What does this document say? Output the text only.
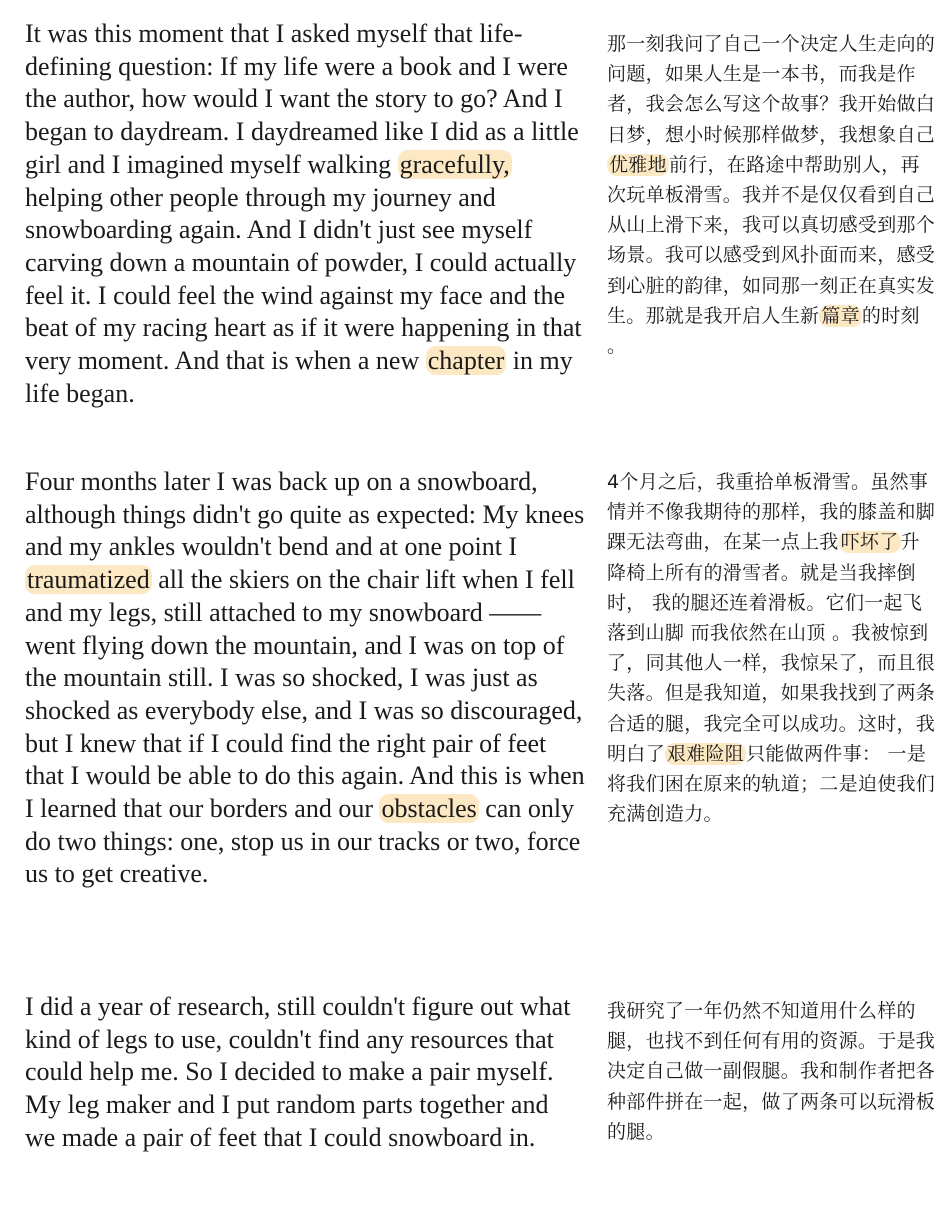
It was this moment that I asked myself that life-defining question: If my life were a book and I were the author, how would I want the story to go? And I began to daydream. I daydreamed like I did as a little girl and I imagined myself walking gracefully, helping other people through my journey and snowboarding again. And I didn't just see myself carving down a mountain of powder, I could actually feel it. I could feel the wind against my face and the beat of my racing heart as if it were happening in that very moment. And that is when a new chapter in my life began.

那一刻我问了自己一个决定人生走向的问题，如果人生是一本书，而我是作者，我会怎么写这个故事？我开始做白日梦，想小时候那样做梦，我想象自己优雅地 前行，在路途中帮助别人，再次玩单板滑雪。我并不是仅仅看到自己从山上滑下来，我可以真切感受到那个场景。我可以感受到风扑面而来，感受到心脏的韵律，如同那一刻正在真实发生。那就是我开启人生新 篇章 的时刻 。

Four months later I was back up on a snowboard, although things didn't go quite as expected: My knees and my ankles wouldn't bend and at one point I traumatized all the skiers on the chair lift when I fell and my legs, still attached to my snowboard —— went flying down the mountain, and I was on top of the mountain still. I was so shocked, I was just as shocked as everybody else, and I was so discouraged, but I knew that if I could find the right pair of feet that I would be able to do this again. And this is when I learned that our borders and our obstacles can only do two things: one, stop us in our tracks or two, force us to get creative.

4个月之后，我重拾单板滑雪。虽然事情并不像我期待的那样，我的膝盖和脚踝无法弯曲，在某一点上我 吓坏了 升降椅上所有的滑雪者。就是当我摔倒时， 我的腿还连着滑板。它们一起飞落到山脚 而我依然在山顶 。我被惊到了，同其他人一样，我惊呆了，而且很失落。但是我知道，如果我找到了两条合适的腿，我完全可以成功。这时，我明白了 艰难险阻 只能做两件事： 一是将我们困在原来的轨道；二是迫使我们充满创造力。

I did a year of research, still couldn't figure out what kind of legs to use, couldn't find any resources that could help me. So I decided to make a pair myself. My leg maker and I put random parts together and we made a pair of feet that I could snowboard in.

我研究了一年仍然不知道用什么样的腿，也找不到任何有用的资源。于是我决定自己做一副假腿。我和制作者把各种部件拼在一起，做了两条可以玩滑板的腿。
